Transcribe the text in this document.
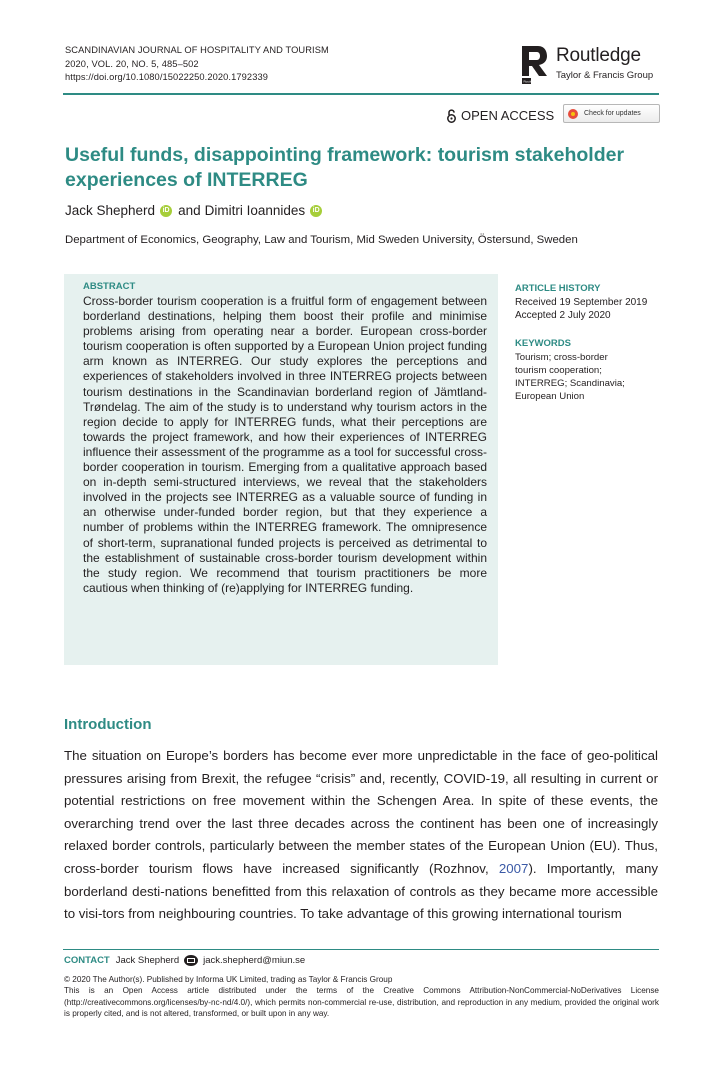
SCANDINAVIAN JOURNAL OF HOSPITALITY AND TOURISM
2020, VOL. 20, NO. 5, 485–502
https://doi.org/10.1080/15022250.2020.1792339	Routledge
Routledge
Taylor & Francis Group
OPEN ACCESS	Check for updates
Useful funds, disappointing framework: tourism stakeholder
experiences of INTERREG
Jack Shepherd	iD and Dimitri Ioannides	iD
Department of Economics, Geography, Law and Tourism, Mid Sweden University, Östersund, Sweden
ABSTRACT
Cross-border tourism cooperation is a fruitful form of engagement between borderland destinations, helping them boost their profile and minimise problems arising from operating near a border. European cross-border tourism cooperation is often supported by a European Union project funding arm known as INTERREG. Our study explores the perceptions and experiences of stakeholders involved in three INTERREG projects between tourism destinations in the Scandinavian borderland region of Jämtland-Trøndelag. The aim of the study is to understand why tourism actors in the region decide to apply for INTERREG funds, what their perceptions are towards the project framework, and how their experiences of INTERREG influence their assessment of the programme as a tool for successful cross-border cooperation in tourism. Emerging from a qualitative approach based on in-depth semi-structured interviews, we reveal that the stakeholders involved in the projects see INTERREG as a valuable source of funding in an otherwise under-funded border region, but that they experience a number of problems within the INTERREG framework. The omnipresence of short-term, supranational funded projects is perceived as detrimental to the establishment of sustainable cross-border tourism development within the study region. We recommend that tourism practitioners be more cautious when thinking of (re)applying for INTERREG funding.
ARTICLE HISTORY
Received 19 September 2019
Accepted 2 July 2020
KEYWORDS
Tourism; cross-border
tourism cooperation;
INTERREG; Scandinavia;
European Union
Introduction
The situation on Europe’s borders has become ever more unpredictable in the face of geo-political pressures arising from Brexit, the refugee “crisis” and, recently, COVID-19, all resulting in current or potential restrictions on free movement within the Schengen Area. In spite of these events, the overarching trend over the last three decades across the continent has been one of increasingly relaxed border controls, particularly between the member states of the European Union (EU). Thus, cross-border tourism flows have increased significantly (Rozhnov, 2007). Importantly, many borderland desti-nations benefitted from this relaxation of controls as they became more accessible to visi-tors from neighbouring countries. To take advantage of this growing international tourism
CONTACT Jack Shepherd	jack.shepherd@miun.se
© 2020 The Author(s). Published by Informa UK Limited, trading as Taylor & Francis Group
This is an Open Access article distributed under the terms of the Creative Commons Attribution-NonCommercial-NoDerivatives License (http://creativecommons.org/licenses/by-nc-nd/4.0/), which permits non-commercial re-use, distribution, and reproduction in any medium, provided the original work is properly cited, and is not altered, transformed, or built upon in any way.
